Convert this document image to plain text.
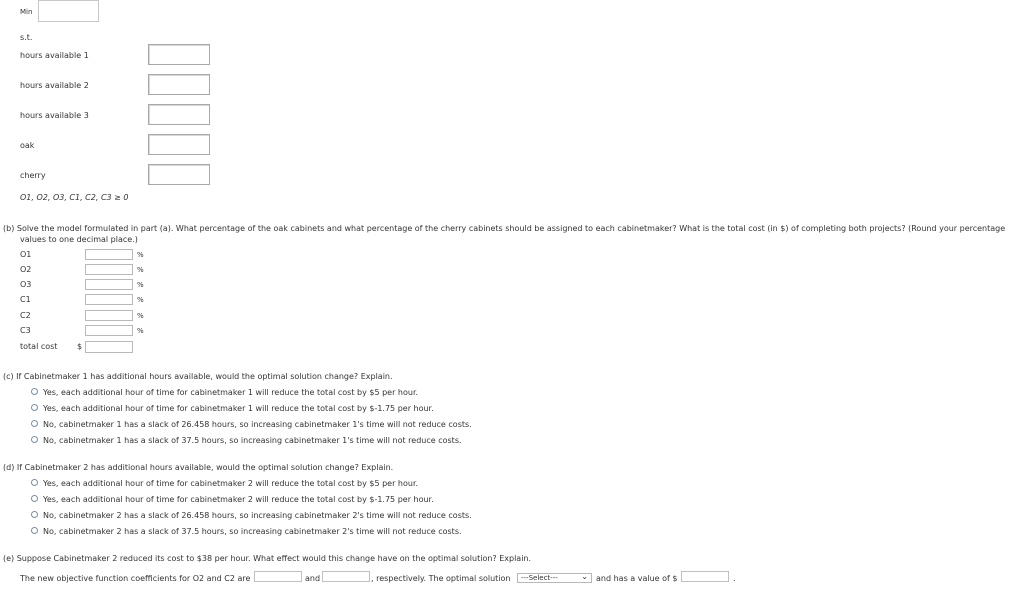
Min
s.t.
hours available 1
hours available 2
hours available 3
oak
cherry
O1, O2, O3, C1, C2, C3 ≥ 0
(b) Solve the model formulated in part (a). What percentage of the oak cabinets and what percentage of the cherry cabinets should be assigned to each cabinetmaker? What is the total cost (in $) of completing both projects? (Round your percentage
values to one decimal place.)
O1	%
O2	%
O3	%
C1	%
C2	%
C3	%
total cost $
(c) If Cabinetmaker 1 has additional hours available, would the optimal solution change? Explain.
Yes, each additional hour of time for cabinetmaker 1 will reduce the total cost by $5 per hour.
Yes, each additional hour of time for cabinetmaker 1 will reduce the total cost by $-1.75 per hour.
No, cabinetmaker 1 has a slack of 26.458 hours, so increasing cabinetmaker 1's time will not reduce costs.
No, cabinetmaker 1 has a slack of 37.5 hours, so increasing cabinetmaker 1's time will not reduce costs.
(d) If Cabinetmaker 2 has additional hours available, would the optimal solution change? Explain.
Yes, each additional hour of time for cabinetmaker 2 will reduce the total cost by $5 per hour.
Yes, each additional hour of time for cabinetmaker 2 will reduce the total cost by $-1.75 per hour.
No, cabinetmaker 2 has a slack of 26.458 hours, so increasing cabinetmaker 2's time will not reduce costs.
No, cabinetmaker 2 has a slack of 37.5 hours, so increasing cabinetmaker 2's time will not reduce costs.
(e) Suppose Cabinetmaker 2 reduced its cost to $38 per hour. What effect would this change have on the optimal solution? Explain.
The new objective function coefficients for O2 and C2 are	and	, respectively. The optimal solution	---Select---	⌄ and has a value of $	.
